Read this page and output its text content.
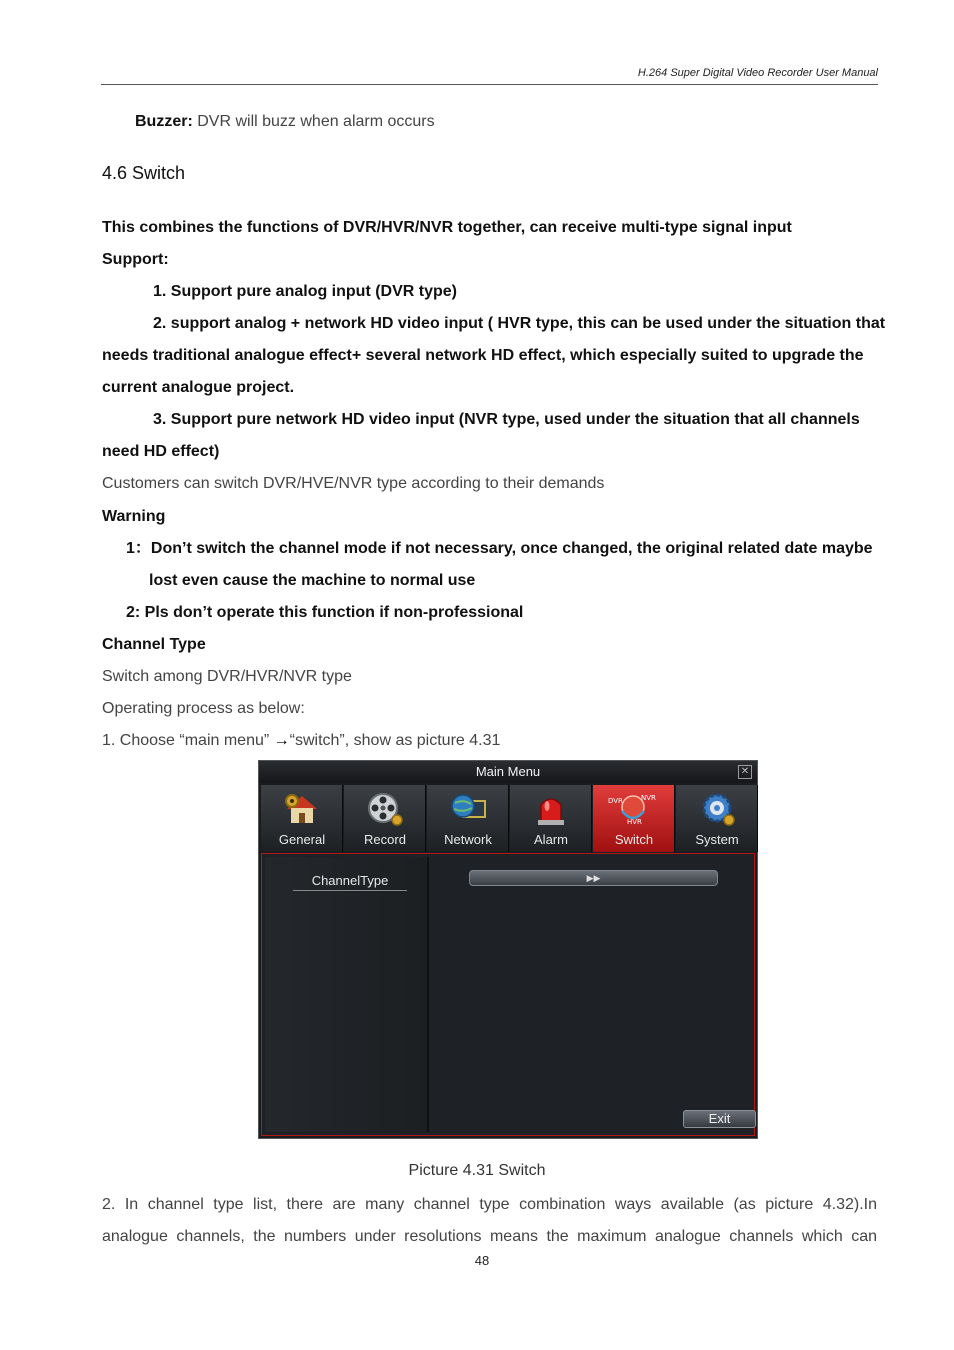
H.264 Super Digital Video Recorder User Manual
Buzzer: DVR will buzz when alarm occurs
4.6 Switch
This combines the functions of DVR/HVR/NVR together, can receive multi-type signal input
Support:
1. Support pure analog input (DVR type)
2. support analog + network HD video input ( HVR type, this can be used under the situation that
needs traditional analogue effect+ several network HD effect, which especially suited to upgrade the
current analogue project.
3. Support pure network HD video input (NVR type, used under the situation that all channels
need HD effect)
Customers can switch DVR/HVE/NVR type according to their demands
Warning
1：Don’t switch the channel mode if not necessary, once changed, the original related date maybe
lost even cause the machine to normal use
2: Pls don’t operate this function if non-professional
Channel Type
Switch among DVR/HVR/NVR type
Operating process as below:
1. Choose “main menu” →“switch”, show as picture 4.31
Main Menu	✕
General	Record	Network	Alarm
DVR	NVR
HVR
Switch	System
ChannelType	▶▶
Exit
Picture 4.31 Switch
2. In channel type list, there are many channel type combination ways available (as picture 4.32).In
analogue channels, the numbers under resolutions means the maximum analogue channels which can
48
